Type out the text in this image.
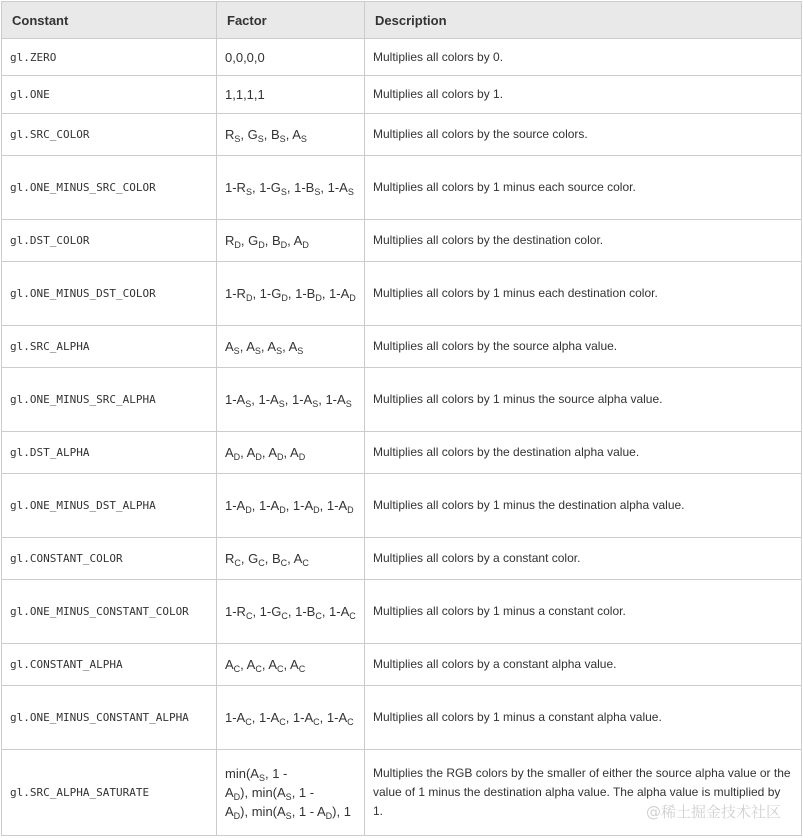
Constant	Factor	Description
gl.ZERO	0,0,0,0	Multiplies all colors by 0.
gl.ONE	1,1,1,1	Multiplies all colors by 1.
gl.SRC_COLOR	$R_S$, $G_S$, $B_S$, $A_S$	Multiplies all colors by the source colors.
gl.ONE_MINUS_SRC_COLOR	$1-R_S$, $1-G_S$, $1-B_S$, $1-A_S$	Multiplies all colors by 1 minus each source color.
gl.DST_COLOR	$R_D$, $G_D$, $B_D$, $A_D$	Multiplies all colors by the destination color.
gl.ONE_MINUS_DST_COLOR	$1-R_D$, $1-G_D$, $1-B_D$, $1-A_D$	Multiplies all colors by 1 minus each destination color.
gl.SRC_ALPHA	$A_S$, $A_S$, $A_S$, $A_S$	Multiplies all colors by the source alpha value.
gl.ONE_MINUS_SRC_ALPHA	$1-A_S$, $1-A_S$, $1-A_S$, $1-A_S$	Multiplies all colors by 1 minus the source alpha value.
gl.DST_ALPHA	$A_D$, $A_D$, $A_D$, $A_D$	Multiplies all colors by the destination alpha value.
gl.ONE_MINUS_DST_ALPHA	$1-A_D$, $1-A_D$, $1-A_D$, $1-A_D$	Multiplies all colors by 1 minus the destination alpha value.
gl.CONSTANT_COLOR	$R_C$, $G_C$, $B_C$, $A_C$	Multiplies all colors by a constant color.
gl.ONE_MINUS_CONSTANT_COLOR	$1-R_C$, $1-G_C$, $1-B_C$, $1-A_C$	Multiplies all colors by 1 minus a constant color.
gl.CONSTANT_ALPHA	$A_C$, $A_C$, $A_C$, $A_C$	Multiplies all colors by a constant alpha value.
gl.ONE_MINUS_CONSTANT_ALPHA	$1-A_C$, $1-A_C$, $1-A_C$, $1-A_C$	Multiplies all colors by 1 minus a constant alpha value.
gl.SRC_ALPHA_SATURATE	$\min(A_S$, $1 - A_D$), $\min(A_S$, $1 - A_D$), $\min(A_S$, $1 - A_D$), 1	Multiplies the RGB colors by the smaller of either the source alpha value or the value of 1 minus the destination alpha value. The alpha value is multiplied by 1.	@稀土掘金技术社区
